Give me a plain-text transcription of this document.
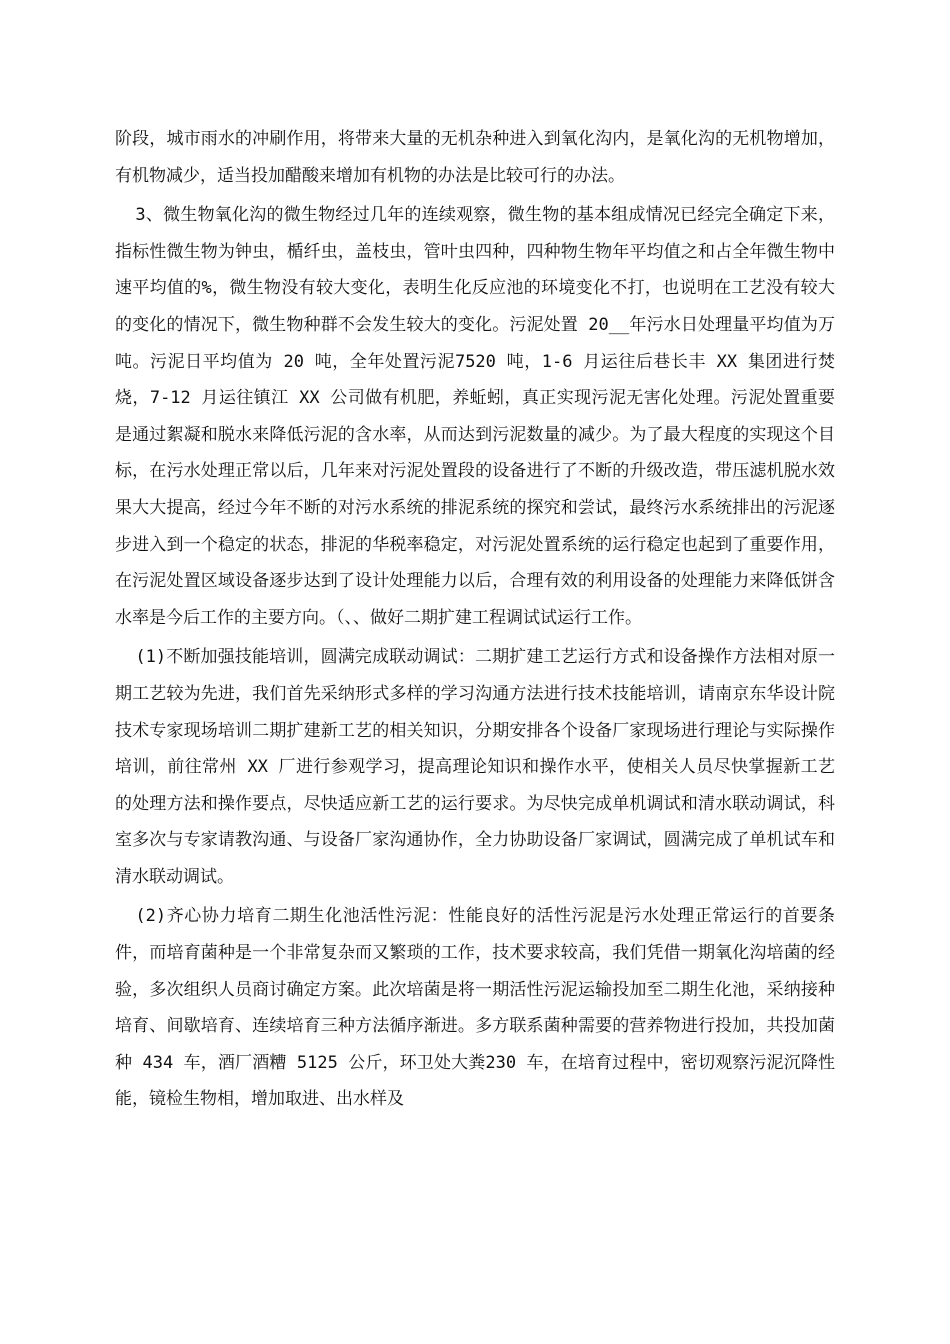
阶段，城市雨水的冲刷作用，将带来大量的无机杂种进入到氧化沟内，是氧化沟的无机物增加，有机物减少，适当投加醋酸来增加有机物的办法是比较可行的办法。

3、微生物氧化沟的微生物经过几年的连续观察，微生物的基本组成情况已经完全确定下来，指标性微生物为钟虫，楯纤虫，盖枝虫，管叶虫四种，四种物生物年平均值之和占全年微生物中速平均值的%，微生物没有较大变化，表明生化反应池的环境变化不打，也说明在工艺没有较大的变化的情况下，微生物种群不会发生较大的变化。污泥处置 20__年污水日处理量平均值为万吨。污泥日平均值为 20 吨，全年处置污泥7520 吨，1-6 月运往后巷长丰 XX 集团进行焚烧，7-12 月运往镇江 XX 公司做有机肥，养蚯蚓，真正实现污泥无害化处理。污泥处置重要是通过絮凝和脱水来降低污泥的含水率，从而达到污泥数量的减少。为了最大程度的实现这个目标，在污水处理正常以后，几年来对污泥处置段的设备进行了不断的升级改造，带压滤机脱水效果大大提高，经过今年不断的对污水系统的排泥系统的探究和尝试，最终污水系统排出的污泥逐步进入到一个稳定的状态，排泥的华税率稳定，对污泥处置系统的运行稳定也起到了重要作用，在污泥处置区域设备逐步达到了设计处理能力以后，合理有效的利用设备的处理能力来降低饼含水率是今后工作的主要方向。（、、做好二期扩建工程调试试运行工作。

(1)不断加强技能培训，圆满完成联动调试：二期扩建工艺运行方式和设备操作方法相对原一期工艺较为先进，我们首先采纳形式多样的学习沟通方法进行技术技能培训，请南京东华设计院技术专家现场培训二期扩建新工艺的相关知识，分期安排各个设备厂家现场进行理论与实际操作培训，前往常州 XX 厂进行参观学习，提高理论知识和操作水平，使相关人员尽快掌握新工艺的处理方法和操作要点，尽快适应新工艺的运行要求。为尽快完成单机调试和清水联动调试，科室多次与专家请教沟通、与设备厂家沟通协作，全力协助设备厂家调试，圆满完成了单机试车和清水联动调试。

(2)齐心协力培育二期生化池活性污泥：性能良好的活性污泥是污水处理正常运行的首要条件，而培育菌种是一个非常复杂而又繁琐的工作，技术要求较高，我们凭借一期氧化沟培菌的经验，多次组织人员商讨确定方案。此次培菌是将一期活性污泥运输投加至二期生化池，采纳接种培育、间歇培育、连续培育三种方法循序渐进。多方联系菌种需要的营养物进行投加，共投加菌种 434 车，酒厂酒糟 5125 公斤，环卫处大粪230 车，在培育过程中，密切观察污泥沉降性能，镜检生物相，增加取进、出水样及
